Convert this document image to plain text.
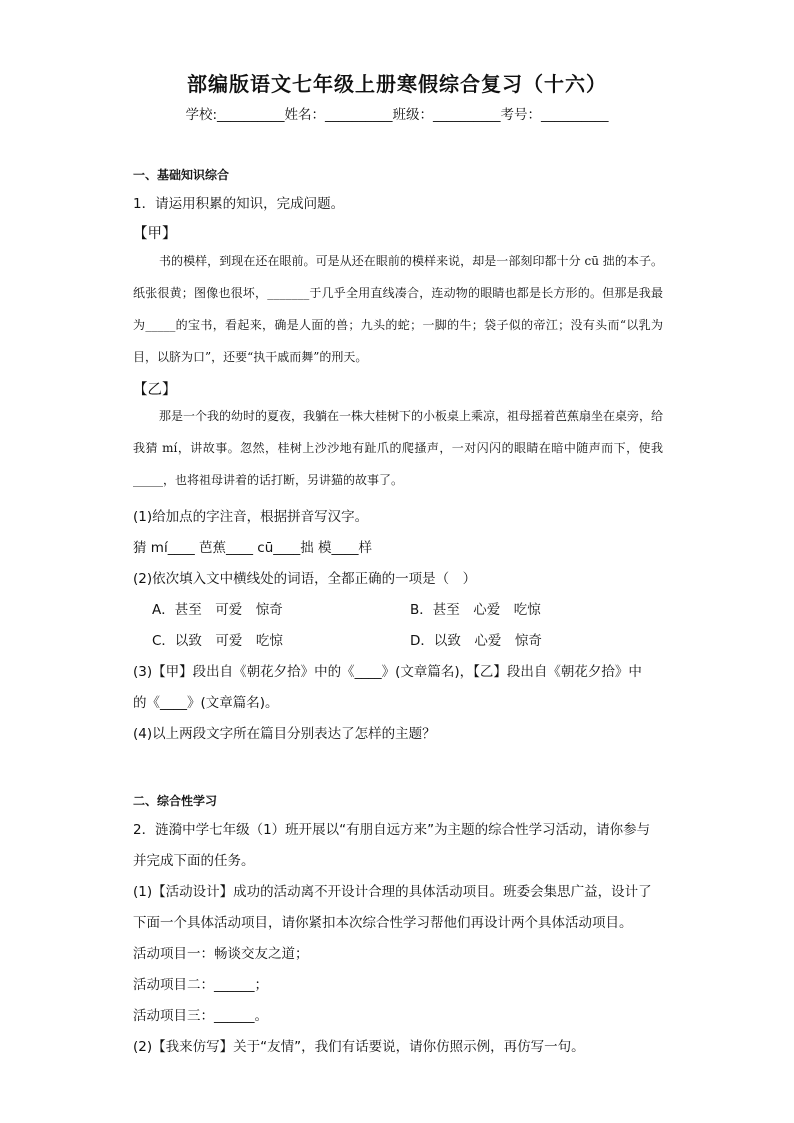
部编版语文七年级上册寒假综合复习（十六）
学校:__________姓名：__________班级：__________考号：__________
一、基础知识综合
1．请运用积累的知识，完成问题。
【甲】
书的模样，到现在还在眼前。可是从还在眼前的模样来说，却是一部刻印都十分 cū 拙的本子。纸张很黄；图像也很坏，_______于几乎全用直线凑合，连动物的眼睛也都是长方形的。但那是我最为_____的宝书，看起来，确是人面的兽；九头的蛇；一脚的牛；袋子似的帝江；没有头而“以乳为目，以脐为口”，还要“执干戚而舞”的刑天。
【乙】
那是一个我的幼时的夏夜，我躺在一株大桂树下的小板桌上乘凉，祖母摇着芭蕉扇坐在桌旁，给我猜 mí，讲故事。忽然，桂树上沙沙地有趾爪的爬搔声，一对闪闪的眼睛在暗中随声而下，使我 _____，也将祖母讲着的话打断，另讲猫的故事了。
(1)给加点的字注音，根据拼音写汉字。
猜 mí____ 芭蕉____ cū____拙 模____样
(2)依次填入文中横线处的词语，全都正确的一项是（　）
A．甚至　可爱　惊奇	B．甚至　心爱　吃惊
C．以致　可爱　吃惊	D．以致　心爱　惊奇
(3)【甲】段出自《朝花夕拾》中的《____》(文章篇名)，【乙】段出自《朝花夕拾》中
的《____》(文章篇名)。
(4)以上两段文字所在篇目分别表达了怎样的主题？
二、综合性学习
2．涟漪中学七年级（1）班开展以“有朋自远方来”为主题的综合性学习活动，请你参与
并完成下面的任务。
(1)【活动设计】成功的活动离不开设计合理的具体活动项目。班委会集思广益，设计了
下面一个具体活动项目，请你紧扣本次综合性学习帮他们再设计两个具体活动项目。
活动项目一：畅谈交友之道；
活动项目二：______；
活动项目三：______。
(2)【我来仿写】关于“友情”，我们有话要说，请你仿照示例，再仿写一句。
